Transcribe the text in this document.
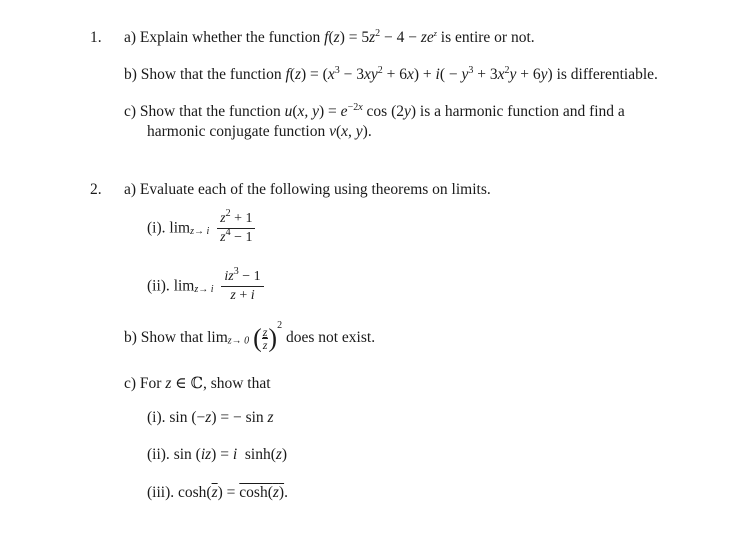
1. a) Explain whether the function $f(z) = 5z^2 - 4 - ze^z$ is entire or not.
b) Show that the function $f(z) = (x^3 - 3xy^2 + 6x) + i( - y^3 + 3x^2y + 6y)$ is differentiable.
c) Show that the function u(x, $y) = e^{-2x}$ cos (2y) is a harmonic function and find a
harmonic conjugate function v(x, y).
2. a) Evaluate each of the following using theorems on limits.
(i). $\lim_{z\to i} \frac{z^2 + 1}{z^4 - 1}$
(ii). $\lim_{z\to i} \frac{iz^3 - 1}{z + i}$
b) Show that $\lim_{z\to 0}$ ( $\frac{z}{z} )^2$ does not exist.
c) For z ∈ ℂ, show that
(i). sin (−z) = − sin z
(ii). sin (iz) = i  sinh(z)
(iii). $\cosh(\overline{z}) = \cosh(z)$.
